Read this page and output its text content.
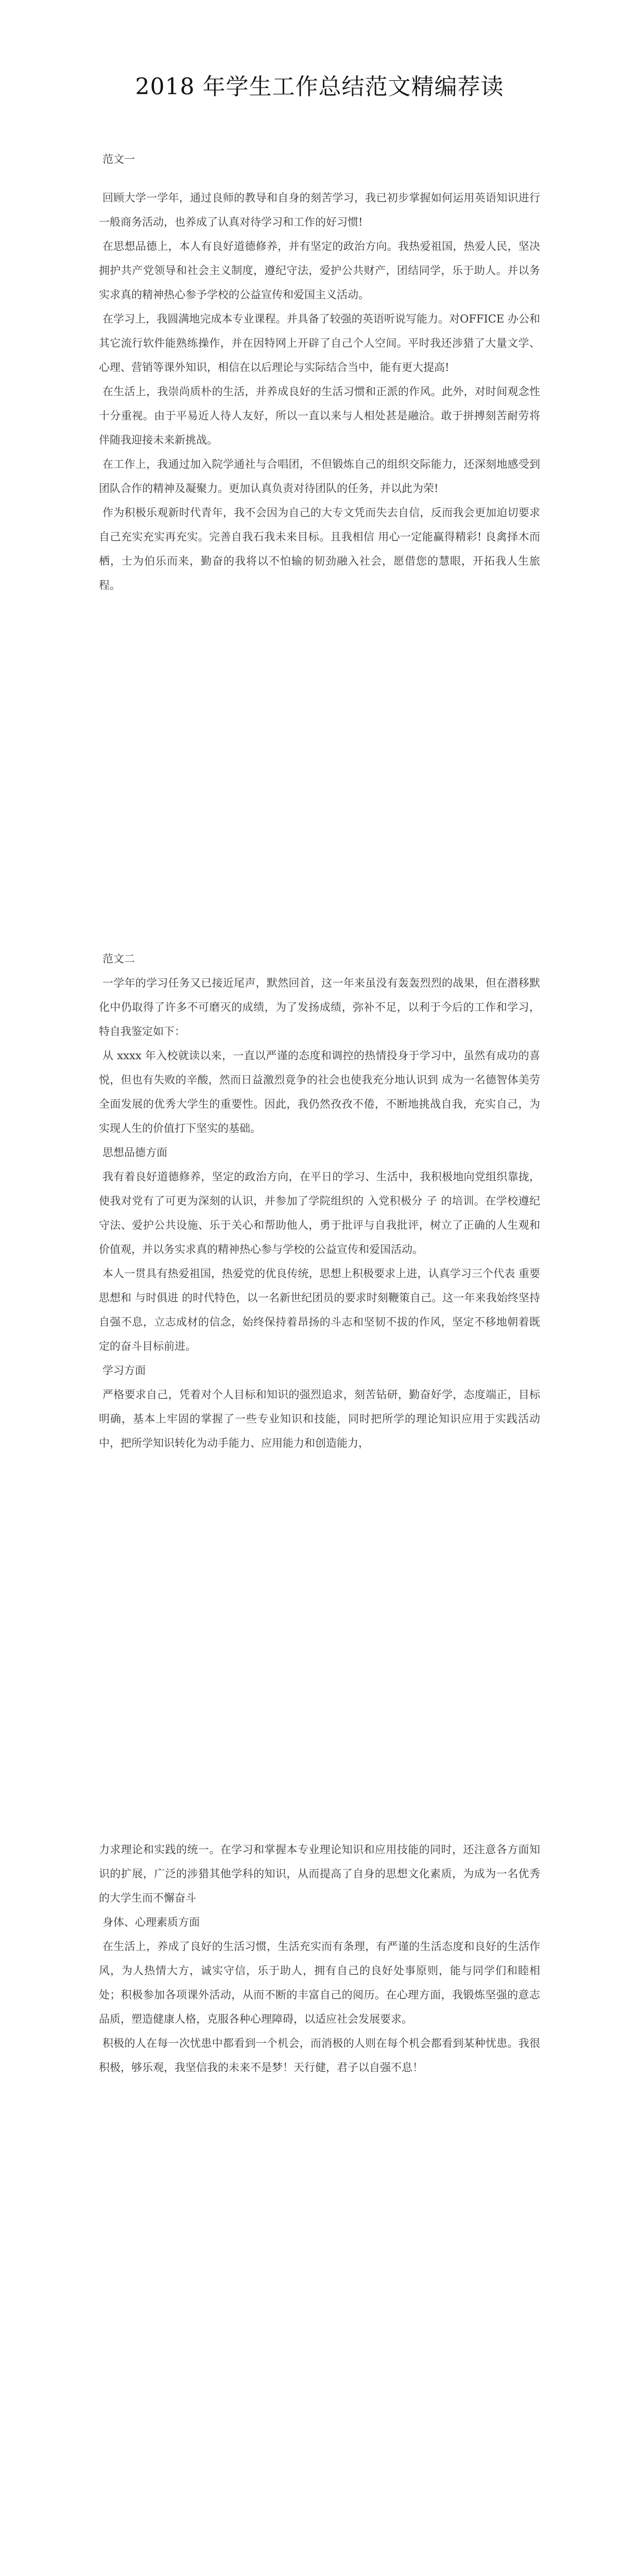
2018 年学生工作总结范文精编荐读

范文一

回顾大学一学年，通过良师的教导和自身的刻苦学习，我已初步掌握如何运用英语知识进行一般商务活动，也养成了认真对待学习和工作的好习惯!

在思想品德上，本人有良好道德修养，并有坚定的政治方向。我热爱祖国，热爱人民，坚决拥护共产党领导和社会主义制度，遵纪守法，爱护公共财产，团结同学，乐于助人。并以务实求真的精神热心参予学校的公益宣传和爱国主义活动。

在学习上，我圆满地完成本专业课程。并具备了较强的英语听说写能力。对OFFICE 办公和其它流行软件能熟练操作，并在因特网上开辟了自己个人空间。平时我还涉猎了大量文学、心理、营销等课外知识，相信在以后理论与实际结合当中，能有更大提高!

在生活上，我崇尚质朴的生活，并养成良好的生活习惯和正派的作风。此外，对时间观念性十分重视。由于平易近人待人友好，所以一直以来与人相处甚是融洽。敢于拼搏刻苦耐劳将伴随我迎接未来新挑战。

在工作上，我通过加入院学通社与合唱团，不但锻炼自己的组织交际能力，还深刻地感受到团队合作的精神及凝聚力。更加认真负责对待团队的任务，并以此为荣!

作为积极乐观新时代青年，我不会因为自己的大专文凭而失去自信，反而我会更加迫切要求自己充实充实再充实。完善自我石我未来目标。且我相信 用心一定能赢得精彩! 良禽择木而栖，士为伯乐而来，勤奋的我将以不怕输的韧劲融入社会，愿借您的慧眼，开拓我人生旅程。

范文二

一学年的学习任务又已接近尾声，默然回首，这一年来虽没有轰轰烈烈的战果，但在潜移默化中仍取得了许多不可磨灭的成绩，为了发扬成绩，弥补不足，以利于今后的工作和学习，特自我鉴定如下：

从 xxxx 年入校就读以来，一直以严谨的态度和调控的热情投身于学习中，虽然有成功的喜悦，但也有失败的辛酸，然而日益激烈竟争的社会也使我充分地认识到 成为一名德智体美劳全面发展的优秀大学生的重要性。因此，我仍然孜孜不倦，不断地挑战自我，充实自己，为实现人生的价值打下坚实的基础。

思想品德方面

我有着良好道德修养，坚定的政治方向，在平日的学习、生活中，我积极地向党组织靠拢，使我对党有了可更为深刻的认识，并参加了学院组织的 入党积极分 子 的培训。在学校遵纪守法、爱护公共设施、乐于关心和帮助他人，勇于批评与自我批评，树立了正确的人生观和价值观，并以务实求真的精神热心参与学校的公益宣传和爱国活动。

本人一贯具有热爱祖国，热爱党的优良传统，思想上积极要求上进，认真学习三个代表 重要思想和 与时俱进 的时代特色，以一名新世纪团员的要求时刻鞭策自己。这一年来我始终坚持自强不息，立志成材的信念，始终保持着昂扬的斗志和坚韧不拔的作风，坚定不移地朝着既定的奋斗目标前进。

学习方面

严格要求自己，凭着对个人目标和知识的强烈追求，刻苦钻研，勤奋好学，态度端正，目标明确，基本上牢固的掌握了一些专业知识和技能，同时把所学的理论知识应用于实践活动中，把所学知识转化为动手能力、应用能力和创造能力，

力求理论和实践的统一。在学习和掌握本专业理论知识和应用技能的同时，还注意各方面知识的扩展，广泛的涉猎其他学科的知识，从而提高了自身的思想文化素质，为成为一名优秀的大学生而不懈奋斗

身体、心理素质方面

在生活上，养成了良好的生活习惯，生活充实而有条理，有严谨的生活态度和良好的生活作风，为人热情大方，诚实守信，乐于助人，拥有自己的良好处事原则，能与同学们和睦相处；积极参加各项课外活动，从而不断的丰富自己的阅历。在心理方面，我锻炼坚强的意志品质，塑造健康人格，克服各种心理障碍，以适应社会发展要求。

积极的人在每一次忧患中都看到一个机会，而消极的人则在每个机会都看到某种忧患。我很积极，够乐观，我坚信我的未来不是梦！天行健，君子以自强不息！
